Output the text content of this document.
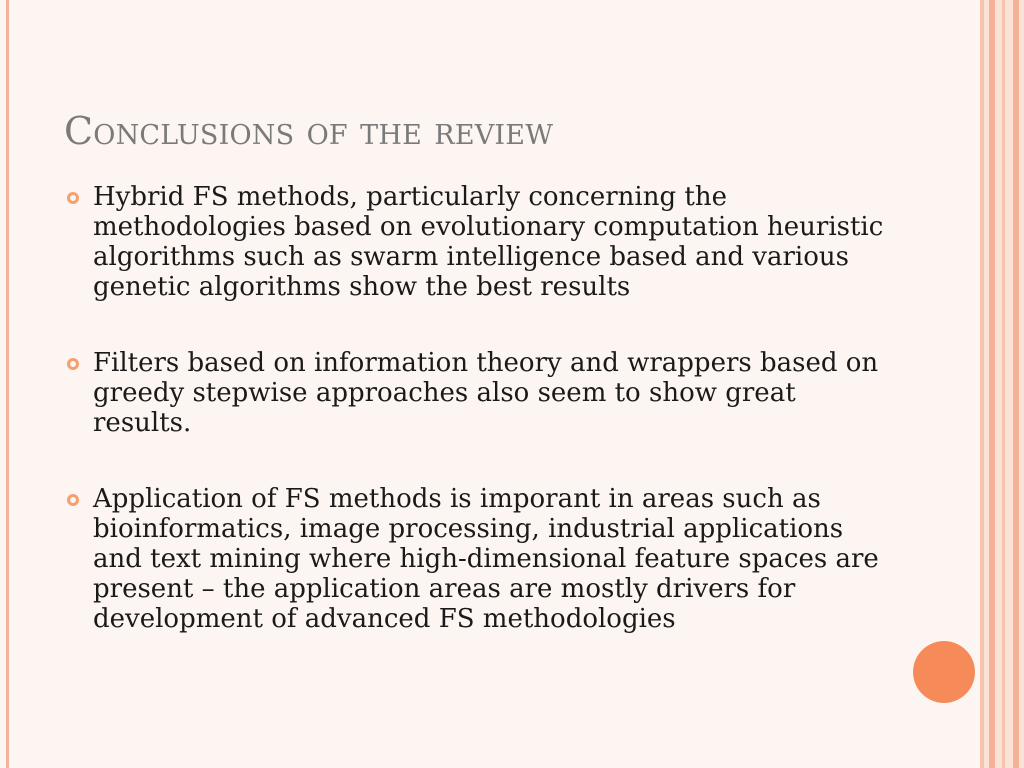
Conclusions of the review
Hybrid FS methods, particularly concerning the methodologies based on evolutionary computation heuristic algorithms such as swarm intelligence based and various genetic algorithms show the best results
Filters based on information theory and wrappers based on greedy stepwise approaches also seem to show great results.
Application of FS methods is imporant in areas such as bioinformatics, image processing, industrial applications and text mining where high-dimensional feature spaces are present – the application areas are mostly drivers for development of advanced FS methodologies
